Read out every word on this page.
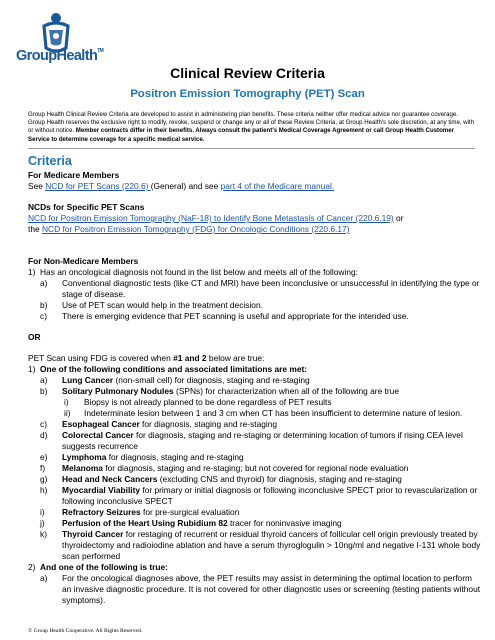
GroupHealth™
Clinical Review Criteria
Positron Emission Tomography (PET) Scan
Group Health Clinical Review Criteria are developed to assist in administering plan benefits. These criteria neither offer medical advice nor guarantee coverage. Group Health reserves the exclusive right to modify, revoke, suspend or change any or all of these Review Criteria, at Group Health's sole discretion, at any time, with or without notice. Member contracts differ in their benefits. Always consult the patient's Medical Coverage Agreement or call Group Health Customer Service to determine coverage for a specific medical service.
Criteria
For Medicare Members
See NCD for PET Scans (220.6) (General) and see part 4 of the Medicare manual.
NCDs for Specific PET Scans
NCD for Positron Emission Tomography (NaF-18) to Identify Bone Metastasis of Cancer (220.6.19) or
the NCD for Positron Emission Tomography (FDG) for Oncologic Conditions (220.6.17)
For Non-Medicare Members
1) Has an oncological diagnosis not found in the list below and meets all of the following:
a)	Conventional diagnostic tests (like CT and MRI) have been inconclusive or unsuccessful in identifying the type or stage of disease.
b)	Use of PET scan would help in the treatment decision.
c)	There is emerging evidence that PET scanning is useful and appropriate for the intended use.
OR
PET Scan using FDG is covered when #1 and 2 below are true:
1) One of the following conditions and associated limitations are met:
a)	Lung Cancer (non-small cell) for diagnosis, staging and re-staging
b)	Solitary Pulmonary Nodules (SPNs) for characterization when all of the following are true
i)	Biopsy is not already planned to be done regardless of PET results
ii)	Indeterminate lesion between 1 and 3 cm when CT has been insufficient to determine nature of lesion.
c)	Esophageal Cancer for diagnosis, staging and re-staging
d)	Colorectal Cancer for diagnosis, staging and re-staging or determining location of tumors if rising CEA level suggests recurrence
e)	Lymphoma for diagnosis, staging and re-staging
f)	Melanoma for diagnosis, staging and re-staging; but not covered for regional node evaluation
g)	Head and Neck Cancers (excluding CNS and thyroid) for diagnosis, staging and re-staging
h)	Myocardial Viability for primary or initial diagnosis or following inconclusive SPECT prior to revascularization or following inconclusive SPECT
i)	Refractory Seizures for pre-surgical evaluation
j)	Perfusion of the Heart Using Rubidium 82 tracer for noninvasive imaging
k)	Thyroid Cancer for restaging of recurrent or residual thyroid cancers of follicular cell origin previously treated by thyroidectomy and radioiodine ablation and have a serum thyroglogulin > 10ng/ml and negative I-131 whole body scan performed
2) And one of the following is true:
a)	For the oncological diagnoses above, the PET results may assist in determining the optimal location to perform an invasive diagnostic procedure. It is not covered for other diagnostic uses or screening (testing patients without symptoms).
© Group Health Cooperative. All Rights Reserved.
